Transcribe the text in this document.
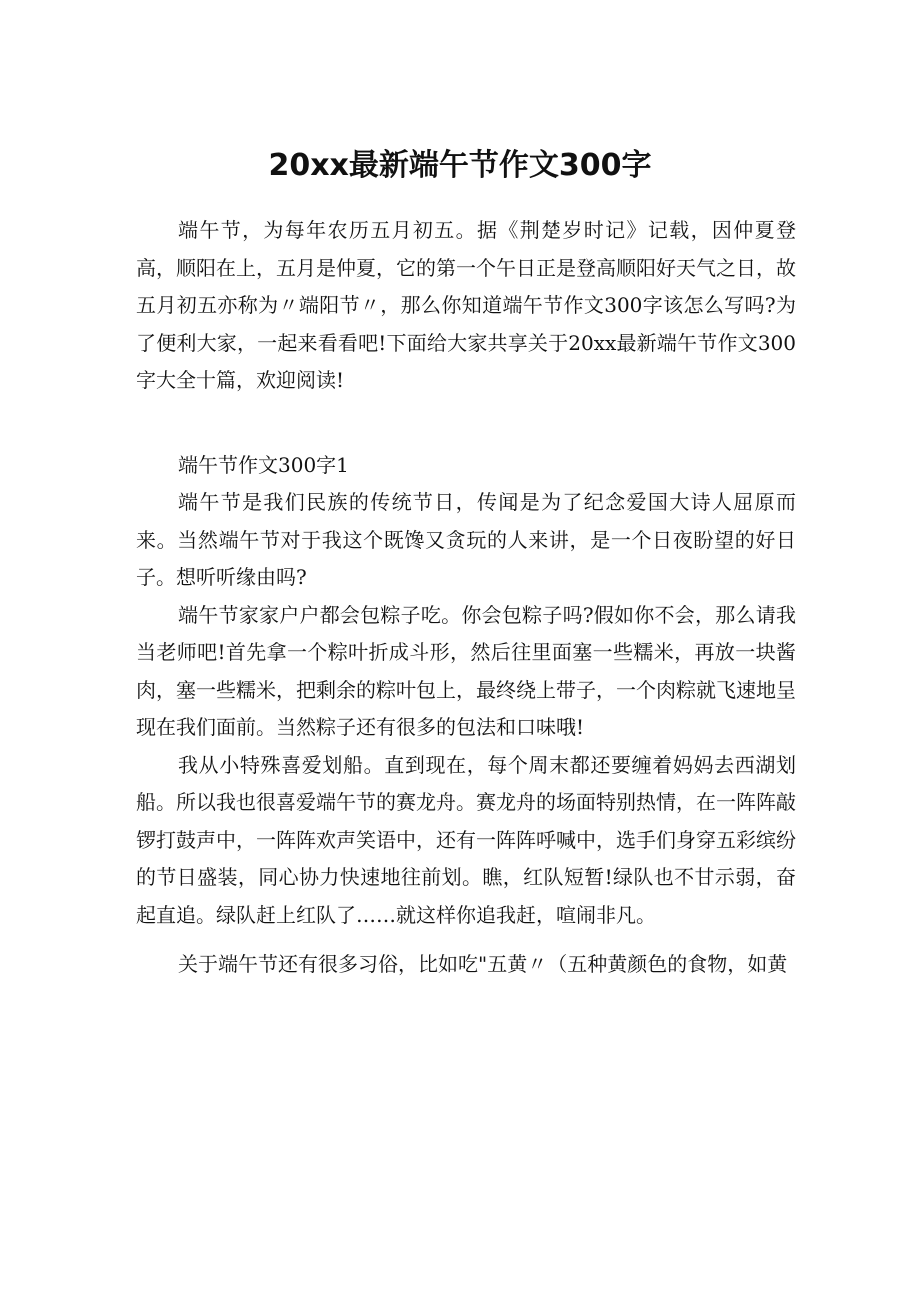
20xx最新端午节作文300字

端午节，为每年农历五月初五。据《荆楚岁时记》记载，因仲夏登高，顺阳在上，五月是仲夏，它的第一个午日正是登高顺阳好天气之日，故五月初五亦称为〃端阳节〃，那么你知道端午节作文300字该怎么写吗?为了便利大家，一起来看看吧!下面给大家共享关于20xx最新端午节作文300字大全十篇，欢迎阅读!

端午节作文300字1

端午节是我们民族的传统节日，传闻是为了纪念爱国大诗人屈原而来。当然端午节对于我这个既馋又贪玩的人来讲，是一个日夜盼望的好日子。想听听缘由吗?

端午节家家户户都会包粽子吃。你会包粽子吗?假如你不会，那么请我当老师吧!首先拿一个粽叶折成斗形，然后往里面塞一些糯米，再放一块酱肉，塞一些糯米，把剩余的粽叶包上，最终绕上带子，一个肉粽就飞速地呈现在我们面前。当然粽子还有很多的包法和口味哦!

我从小特殊喜爱划船。直到现在，每个周末都还要缠着妈妈去西湖划船。所以我也很喜爱端午节的赛龙舟。赛龙舟的场面特别热情，在一阵阵敲锣打鼓声中，一阵阵欢声笑语中，还有一阵阵呼喊中，选手们身穿五彩缤纷的节日盛装，同心协力快速地往前划。瞧，红队短暂!绿队也不甘示弱，奋起直追。绿队赶上红队了……就这样你追我赶，喧闹非凡。

关于端午节还有很多习俗，比如吃"五黄〃（五种黄颜色的食物，如黄
